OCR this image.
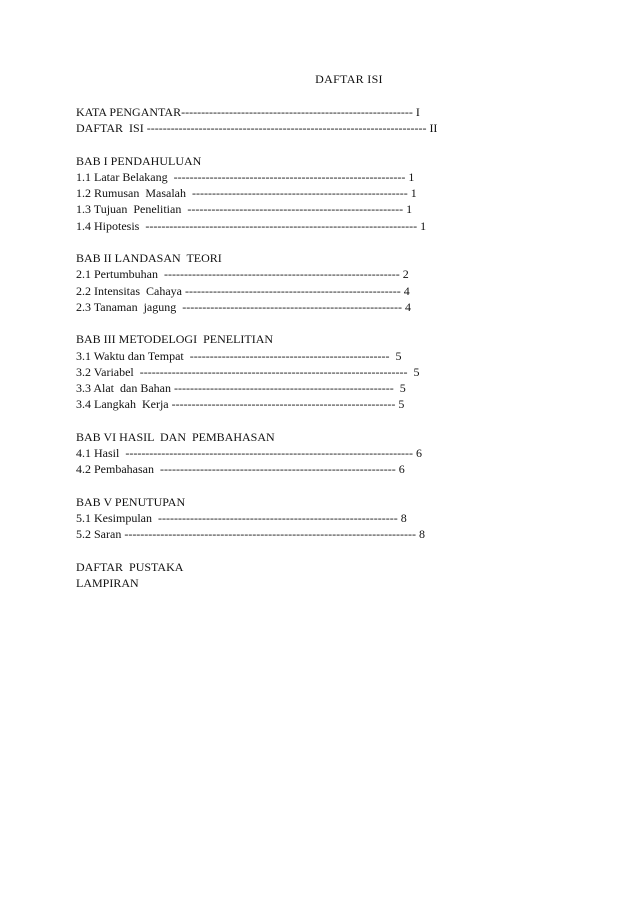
DAFTAR ISI
KATA PENGANTAR---------------------------------------------------------- I
DAFTAR  ISI ---------------------------------------------------------------------- II
BAB I PENDAHULUAN
1.1 Latar Belakang  ---------------------------------------------------------- 1
1.2 Rumusan  Masalah  ------------------------------------------------------ 1
1.3 Tujuan  Penelitian  ------------------------------------------------------ 1
1.4 Hipotesis  -------------------------------------------------------------------- 1
BAB II LANDASAN  TEORI
2.1 Pertumbuhan  ----------------------------------------------------------- 2
2.2 Intensitas  Cahaya ------------------------------------------------------ 4
2.3 Tanaman  jagung  ------------------------------------------------------- 4
BAB III METODELOGI  PENELITIAN
3.1 Waktu dan Tempat  --------------------------------------------------  5
3.2 Variabel  -------------------------------------------------------------------  5
3.3 Alat  dan Bahan -------------------------------------------------------  5
3.4 Langkah  Kerja -------------------------------------------------------- 5
BAB VI HASIL  DAN  PEMBAHASAN
4.1 Hasil  ------------------------------------------------------------------------ 6
4.2 Pembahasan  ----------------------------------------------------------- 6
BAB V PENUTUPAN
5.1 Kesimpulan  ------------------------------------------------------------ 8
5.2 Saran ------------------------------------------------------------------------- 8
DAFTAR  PUSTAKA
LAMPIRAN
